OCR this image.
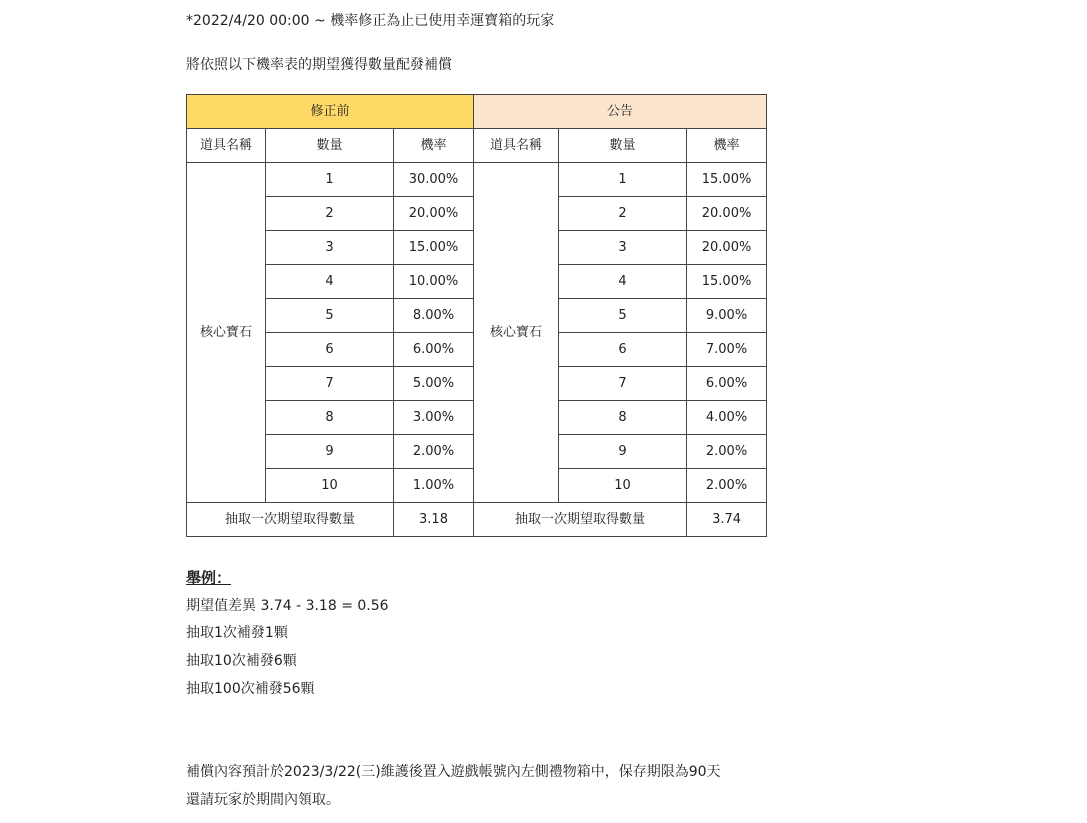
*2022/4/20 00:00 ~ 機率修正為止已使用幸運寶箱的玩家
將依照以下機率表的期望獲得數量配發補償
修正前			公告		
道具名稱	數量	機率	道具名稱	數量	機率
核心寶石	1	30.00%	核心寶石	1	15.00%
	2	20.00%		2	20.00%
	3	15.00%		3	20.00%
	4	10.00%		4	15.00%
	5	8.00%		5	9.00%
	6	6.00%		6	7.00%
	7	5.00%		7	6.00%
	8	3.00%		8	4.00%
	9	2.00%		9	2.00%
	10	1.00%		10	2.00%
抽取一次期望取得數量		3.18	抽取一次期望取得數量		3.74
舉例：
期望值差異 3.74 - 3.18 = 0.56
抽取1次補發1顆
抽取10次補發6顆
抽取100次補發56顆
補償內容預計於2023/3/22(三)維護後置入遊戲帳號內左側禮物箱中，保存期限為90天
還請玩家於期間內領取。
